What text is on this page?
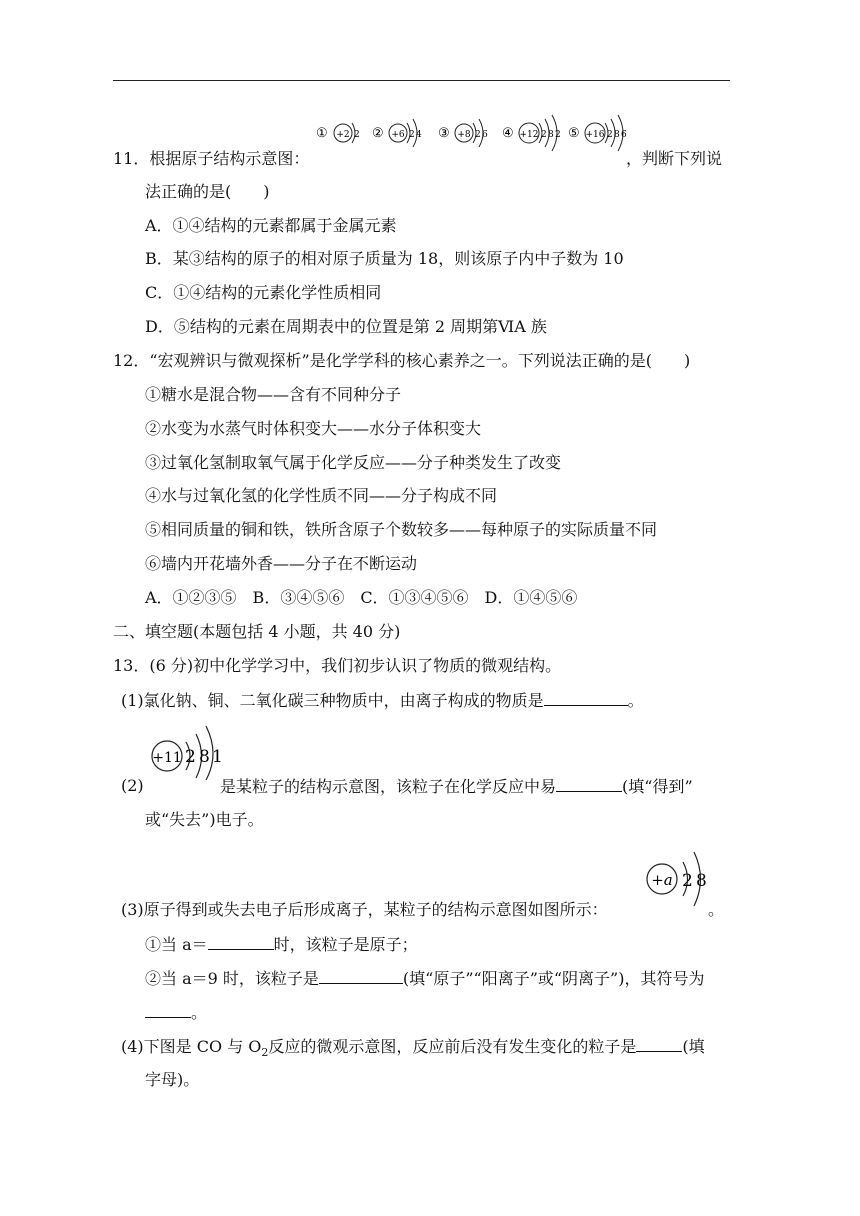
① +2 2 ② +6 2 4 ③ +8 2 6 ④ +12 2 8 2 ⑤ +16 2 8 6
11．根据原子结构示意图：	，判断下列说
法正确的是(　　)
A．①④结构的元素都属于金属元素
B．某③结构的原子的相对原子质量为 18，则该原子内中子数为 10
C．①④结构的元素化学性质相同
D．⑤结构的元素在周期表中的位置是第 2 周期第ⅥA 族
12．“宏观辨识与微观探析”是化学学科的核心素养之一。下列说法正确的是(　　)
①糖水是混合物——含有不同种分子
②水变为水蒸气时体积变大——水分子体积变大
③过氧化氢制取氧气属于化学反应——分子种类发生了改变
④水与过氧化氢的化学性质不同——分子构成不同
⑤相同质量的铜和铁，铁所含原子个数较多——每种原子的实际质量不同
⑥墙内开花墙外香——分子在不断运动
A．①②③⑤　B．③④⑤⑥　C．①③④⑤⑥　D．①④⑤⑥
二、填空题(本题包括 4 小题，共 40 分)
13．(6 分)初中化学学习中，我们初步认识了物质的微观结构。
(1)氯化钠、铜、二氧化碳三种物质中，由离子构成的物质是	。
+11 2 8 1
(2)	是某粒子的结构示意图，该粒子在化学反应中易	(填“得到”
或“失去”)电子。
+a 2 8
(3)原子得到或失去电子后形成离子，某粒子的结构示意图如图所示：	。
①当 a＝	时，该粒子是原子；
②当 a＝9 时，该粒子是	(填“原子”“阳离子”或“阴离子”)，其符号为
。
(4)下图是 CO 与 $O_2$反应的微观示意图，反应前后没有发生变化的粒子是	(填
字母)。
